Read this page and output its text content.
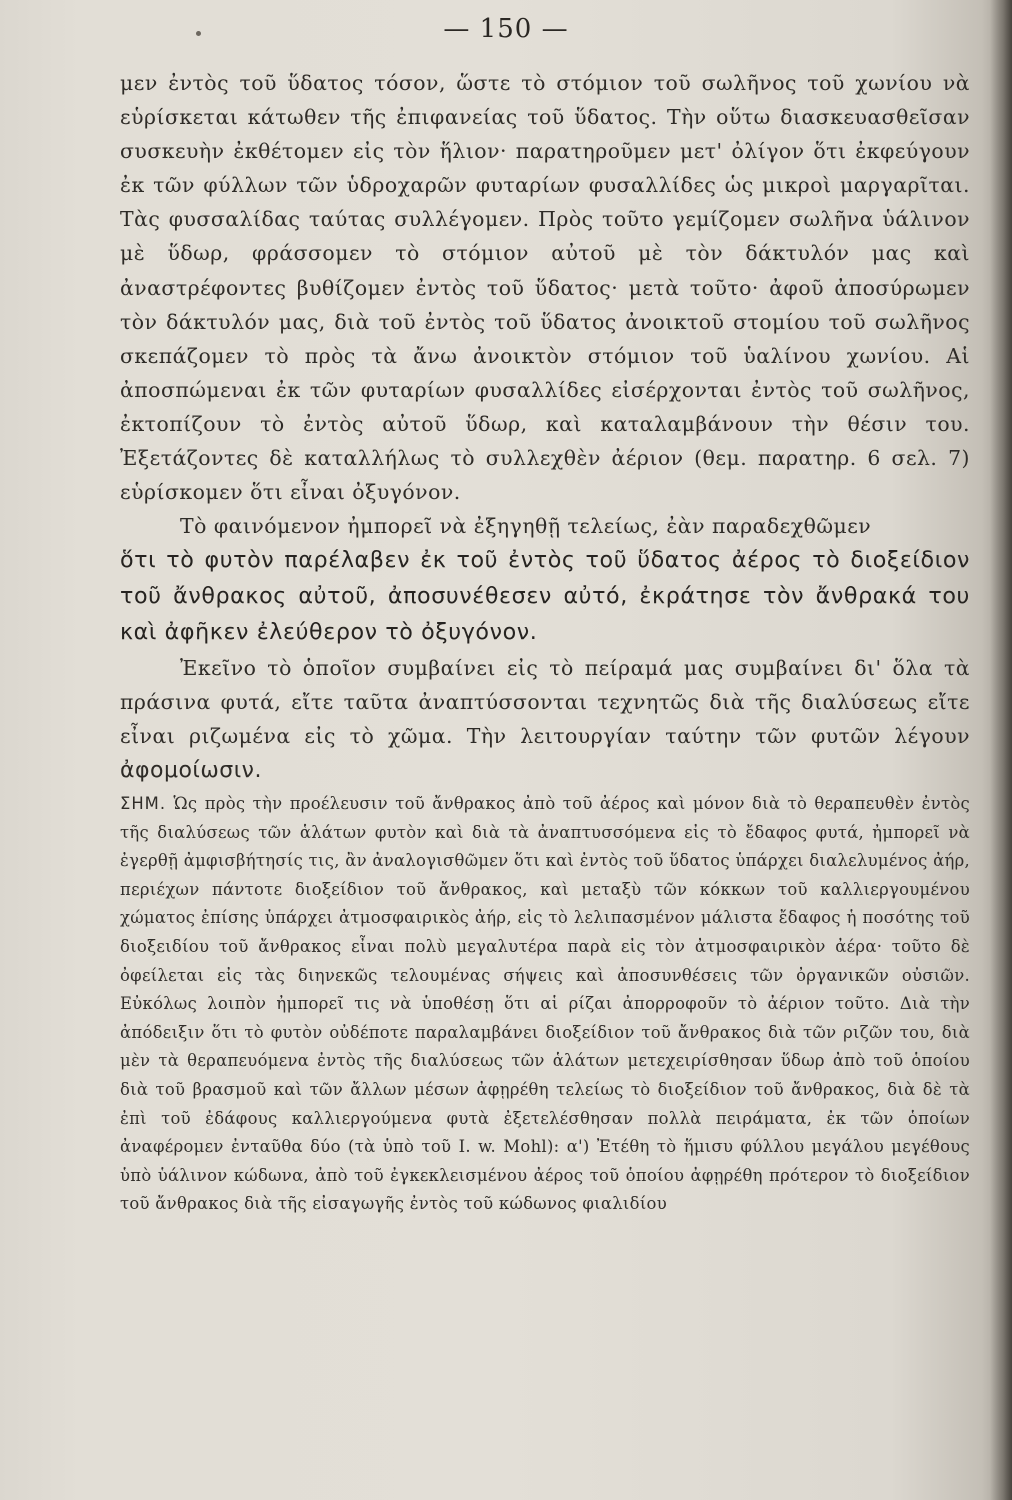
— 150 —

μεν ἐντὸς τοῦ ὕδατος τόσον, ὥστε τὸ στόμιον τοῦ σωλῆνος τοῦ χωνίου νὰ εὑρίσκεται κάτωθεν τῆς ἐπιφανείας τοῦ ὕδατος. Τὴν οὕτω διασκευασθεῖσαν συσκευὴν ἐκθέτομεν εἰς τὸν ἥλιον· παρατηροῦμεν μετ' ὀλίγον ὅτι ἐκφεύγουν ἐκ τῶν φύλλων τῶν ὑδροχαρῶν φυταρίων φυσαλλίδες ὡς μικροὶ μαργαρῖται. Τὰς φυσσαλίδας ταύτας συλλέγομεν. Πρὸς τοῦτο γεμίζομεν σωλῆνα ὑάλινον μὲ ὕδωρ, φράσσομεν τὸ στόμιον αὐτοῦ μὲ τὸν δάκτυλόν μας καὶ ἀναστρέφοντες βυθίζομεν ἐντὸς τοῦ ὕδατος· μετὰ τοῦτο· ἀφοῦ ἀποσύρωμεν τὸν δάκτυλόν μας, διὰ τοῦ ἐντὸς τοῦ ὕδατος ἀνοικτοῦ στομίου τοῦ σωλῆνος σκεπάζομεν τὸ πρὸς τὰ ἄνω ἀνοικτὸν στόμιον τοῦ ὑαλίνου χωνίου. Αἱ ἀποσπώμεναι ἐκ τῶν φυταρίων φυσαλλίδες εἰσέρχονται ἐντὸς τοῦ σωλῆνος, ἐκτοπίζουν τὸ ἐντὸς αὐτοῦ ὕδωρ, καὶ καταλαμβάνουν τὴν θέσιν του. Ἐξετάζοντες δὲ καταλλήλως τὸ συλλεχθὲν ἀέριον (θεμ. παρατηρ. 6 σελ. 7) εὑρίσκομεν ὅτι εἶναι ὀξυγόνον.

Τὸ φαινόμενον ἠμπορεῖ νὰ ἐξηγηθῇ τελείως, ἐὰν παραδεχθῶμεν

ὅτι τὸ φυτὸν παρέλαβεν ἐκ τοῦ ἐντὸς τοῦ ὕδατος ἀέρος τὸ διοξείδιον τοῦ ἄνθρακος αὐτοῦ, ἀποσυνέθεσεν αὐτό, ἐκράτησε τὸν ἄνθρακά του καὶ ἀφῆκεν ἐλεύθερον τὸ ὀξυγόνον.

Ἐκεῖνο τὸ ὁποῖον συμβαίνει εἰς τὸ πείραμά μας συμβαίνει δι' ὅλα τὰ πράσινα φυτά, εἴτε ταῦτα ἀναπτύσσονται τεχνητῶς διὰ τῆς διαλύσεως εἴτε εἶναι ριζωμένα εἰς τὸ χῶμα. Τὴν λειτουργίαν ταύτην τῶν φυτῶν λέγουν ἀφομοίωσιν.

ΣΗΜ. Ὡς πρὸς τὴν προέλευσιν τοῦ ἄνθρακος ἀπὸ τοῦ ἀέρος καὶ μόνον διὰ τὸ θεραπευθὲν ἐντὸς τῆς διαλύσεως τῶν ἁλάτων φυτὸν καὶ διὰ τὰ ἀναπτυσσόμενα εἰς τὸ ἔδαφος φυτά, ἠμπορεῖ νὰ ἐγερθῇ ἀμφισβήτησίς τις, ἂν ἀναλογισθῶμεν ὅτι καὶ ἐντὸς τοῦ ὕδατος ὑπάρχει διαλελυμένος ἀήρ, περιέχων πάντοτε διοξείδιον τοῦ ἄνθρακος, καὶ μεταξὺ τῶν κόκκων τοῦ καλλιεργουμένου χώματος ἐπίσης ὑπάρχει ἀτμοσφαιρικὸς ἀήρ, εἰς τὸ λελιπασμένον μάλιστα ἔδαφος ἡ ποσότης τοῦ διοξειδίου τοῦ ἄνθρακος εἶναι πολὺ μεγαλυτέρα παρὰ εἰς τὸν ἀτμοσφαιρικὸν ἀέρα· τοῦτο δὲ ὀφείλεται εἰς τὰς διηνεκῶς τελουμένας σήψεις καὶ ἀποσυνθέσεις τῶν ὀργανικῶν οὐσιῶν. Εὐκόλως λοιπὸν ἠμπορεῖ τις νὰ ὑποθέσῃ ὅτι αἱ ρίζαι ἀπορροφοῦν τὸ ἀέριον τοῦτο. Διὰ τὴν ἀπόδειξιν ὅτι τὸ φυτὸν οὐδέποτε παραλαμβάνει διοξείδιον τοῦ ἄνθρακος διὰ τῶν ριζῶν του, διὰ μὲν τὰ θεραπευόμενα ἐντὸς τῆς διαλύσεως τῶν ἁλάτων μετεχειρίσθησαν ὕδωρ ἀπὸ τοῦ ὁποίου διὰ τοῦ βρασμοῦ καὶ τῶν ἄλλων μέσων ἀφῃρέθη τελείως τὸ διοξείδιον τοῦ ἄνθρακος, διὰ δὲ τὰ ἐπὶ τοῦ ἐδάφους καλλιεργούμενα φυτὰ ἐξετελέσθησαν πολλὰ πειράματα, ἐκ τῶν ὁποίων ἀναφέρομεν ἐνταῦθα δύο (τὰ ὑπὸ τοῦ I. w. Mohl): α') Ἐτέθη τὸ ἥμισυ φύλλου μεγάλου μεγέθους ὑπὸ ὑάλινον κώδωνα, ἀπὸ τοῦ ἐγκεκλεισμένου ἀέρος τοῦ ὁποίου ἀφῃρέθη πρότερον τὸ διοξείδιον τοῦ ἄνθρακος διὰ τῆς εἰσαγωγῆς ἐντὸς τοῦ κώδωνος φιαλιδίου
